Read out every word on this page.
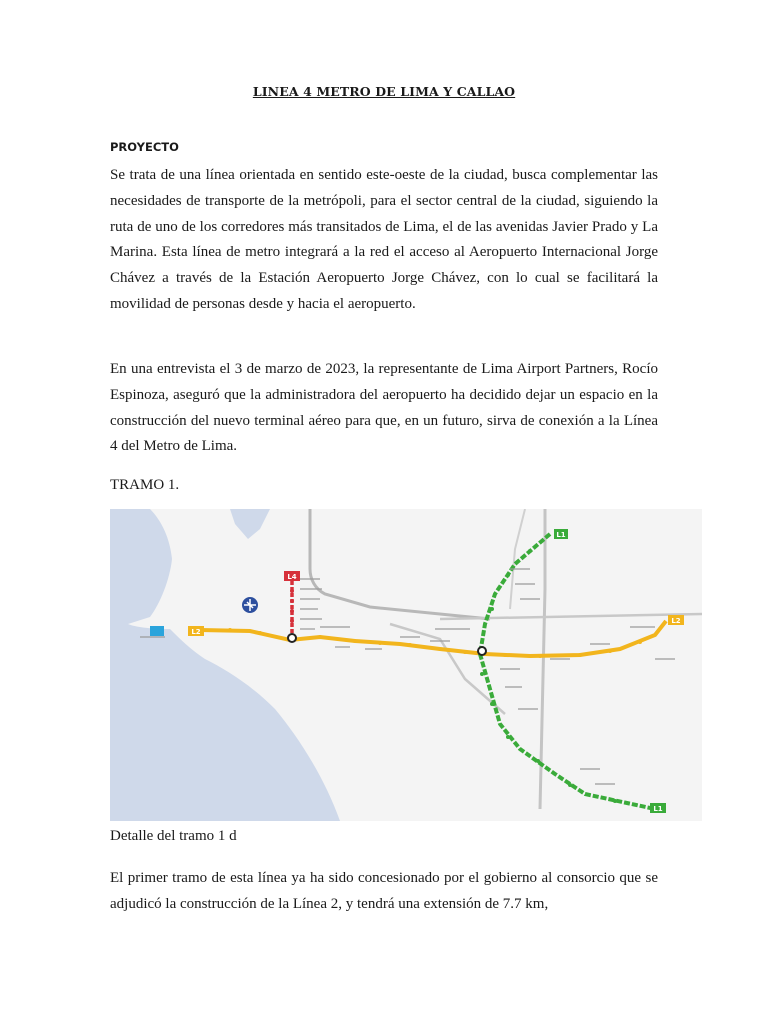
LINEA 4 METRO DE LIMA Y CALLAO
PROYECTO

Se trata de una línea orientada en sentido este-oeste de la ciudad, busca complementar las necesidades de transporte de la metrópoli, para el sector central de la ciudad, siguiendo la ruta de uno de los corredores más transitados de Lima, el de las avenidas Javier Prado y La Marina. Esta línea de metro integrará a la red el acceso al Aeropuerto Internacional Jorge Chávez a través de la Estación Aeropuerto Jorge Chávez, con lo cual se facilitará la movilidad de personas desde y hacia el aeropuerto.

En una entrevista el 3 de marzo de 2023, la representante de Lima Airport Partners, Rocío Espinoza, aseguró que la administradora del aeropuerto ha decidido dejar un espacio en la construcción del nuevo terminal aéreo para que, en un futuro, sirva de conexión a la Línea 4 del Metro de Lima.

TRAMO 1.
L1
L1
L4
L2
L2
Detalle del tramo 1 d

El primer tramo de esta línea ya ha sido concesionado por el gobierno al consorcio que se adjudicó la construcción de la Línea 2, y tendrá una extensión de 7.7 km,
